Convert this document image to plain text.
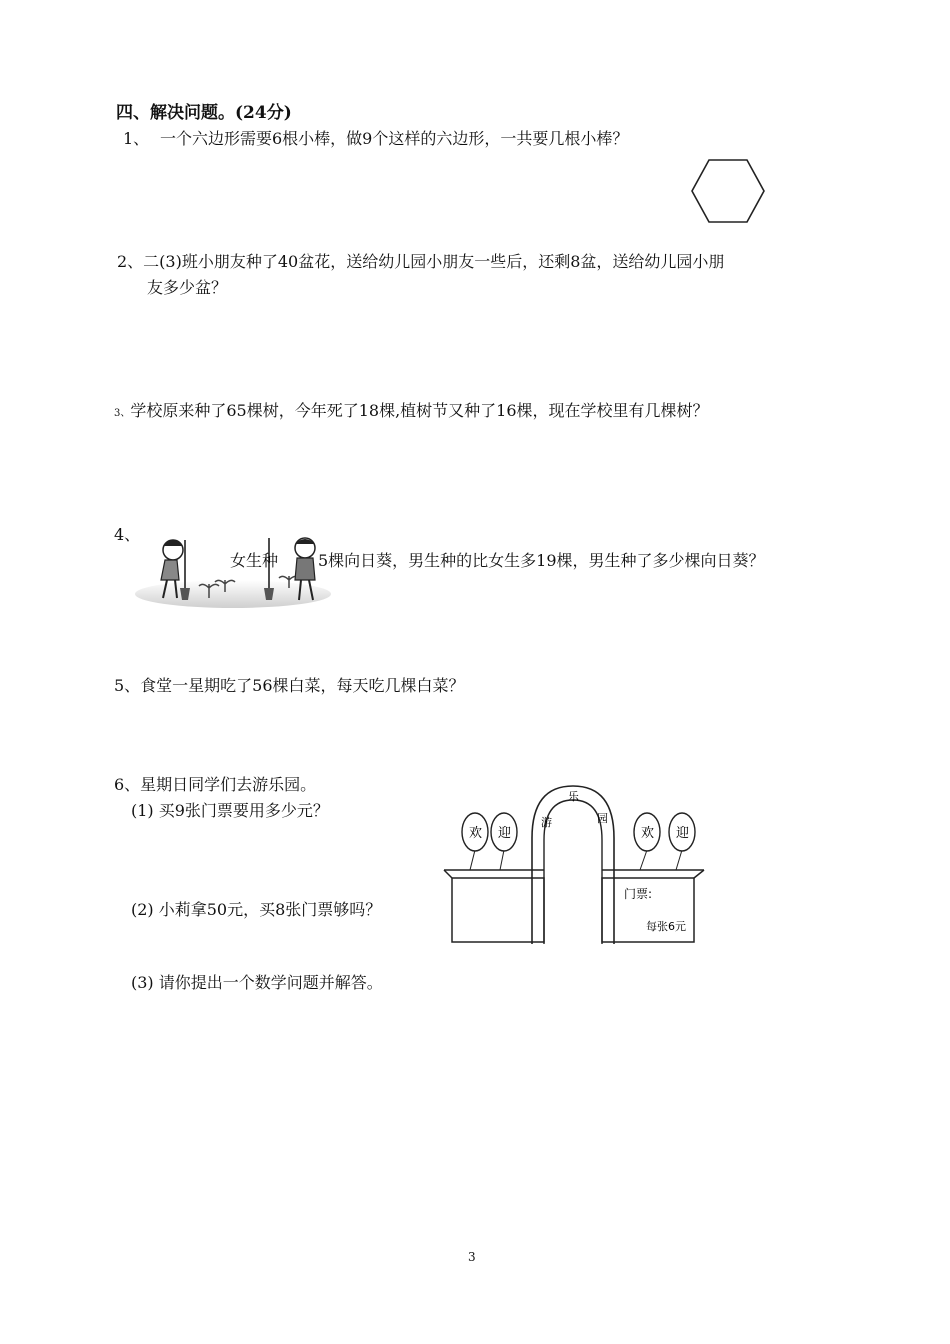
四、解决问题。(24分)
1、 一个六边形需要6根小棒，做9个这样的六边形，一共要几根小棒？
2、二(3)班小朋友种了40盆花，送给幼儿园小朋友一些后，还剩8盆，送给幼儿园小朋
友多少盆？
3、学校原来种了65棵树，今年死了18棵,植树节又种了16棵，现在学校里有几棵树？
4、
女生种 5棵向日葵，男生种的比女生多19棵，男生种了多少棵向日葵？
5、食堂一星期吃了56棵白菜，每天吃几棵白菜？
6、星期日同学们去游乐园。
(1) 买9张门票要用多少元？
(2) 小莉拿50元，买8张门票够吗？
(3) 请你提出一个数学问题并解答。
游
乐
园
欢 迎	欢 迎
门票:
每张6元
3
